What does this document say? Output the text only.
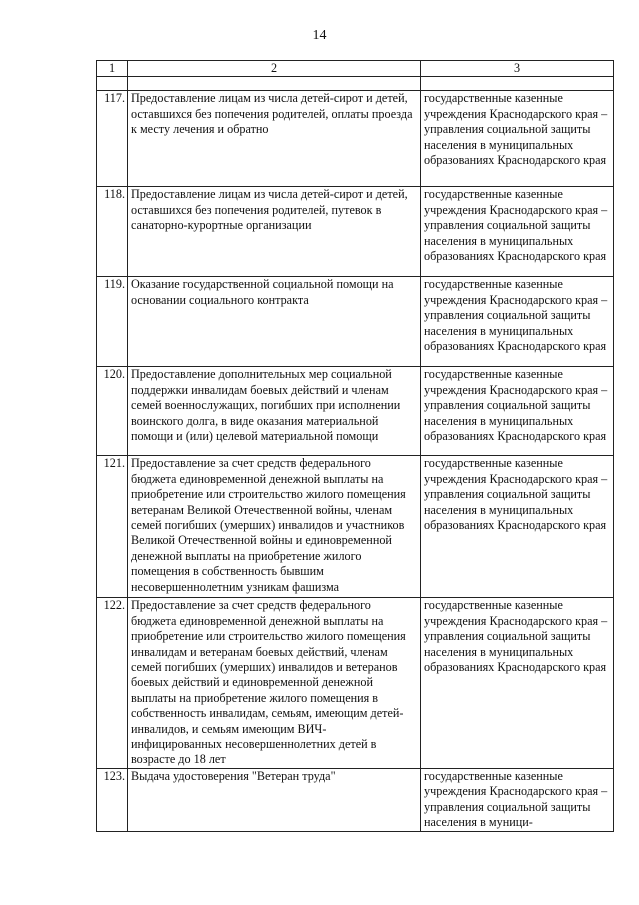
14
1	2	3

117.	Предоставление лицам из числа детей-сирот и детей, оставшихся без попечения родителей, оплаты проезда к месту лечения и обратно	государственные казенные учреждения Краснодарского края – управления социальной защиты населения в муниципальных образованиях Краснодарского края
118.	Предоставление лицам из числа детей-сирот и детей, оставшихся без попечения родителей, путевок в санаторно-курортные организации	государственные казенные учреждения Краснодарского края – управления социальной защиты населения в муниципальных образованиях Краснодарского края
119.	Оказание государственной социальной помощи на основании социального контракта	государственные казенные учреждения Краснодарского края – управления социальной защиты населения в муниципальных образованиях Краснодарского края
120.	Предоставление дополнительных мер социальной поддержки инвалидам боевых действий и членам семей военнослужащих, погибших при исполнении воинского долга, в виде оказания материальной помощи и (или) целевой материальной помощи	государственные казенные учреждения Краснодарского края – управления социальной защиты населения в муниципальных образованиях Краснодарского края
121.	Предоставление за счет средств федерального бюджета единовременной денежной выплаты на приобретение или строительство жилого помещения ветеранам Великой Отечественной войны, членам семей погибших (умерших) инвалидов и участников Великой Отечественной войны и единовременной денежной выплаты на приобретение жилого помещения в собственность бывшим несовершеннолетним узникам фашизма	государственные казенные учреждения Краснодарского края – управления социальной защиты населения в муниципальных образованиях Краснодарского края
122.	Предоставление за счет средств федерального бюджета единовременной денежной выплаты на приобретение или строительство жилого помещения инвалидам и ветеранам боевых действий, членам семей погибших (умерших) инвалидов и ветеранов боевых действий и единовременной денежной выплаты на приобретение жилого помещения в собственность инвалидам, семьям, имеющим детей-инвалидов, и семьям имеющим ВИЧ-инфицированных несовершеннолетних детей в возрасте до 18 лет	государственные казенные учреждения Краснодарского края – управления социальной защиты населения в муниципальных образованиях Краснодарского края
123.	Выдача удостоверения "Ветеран труда"	государственные казенные учреждения Краснодарского края – управления социальной защиты населения в муници-
